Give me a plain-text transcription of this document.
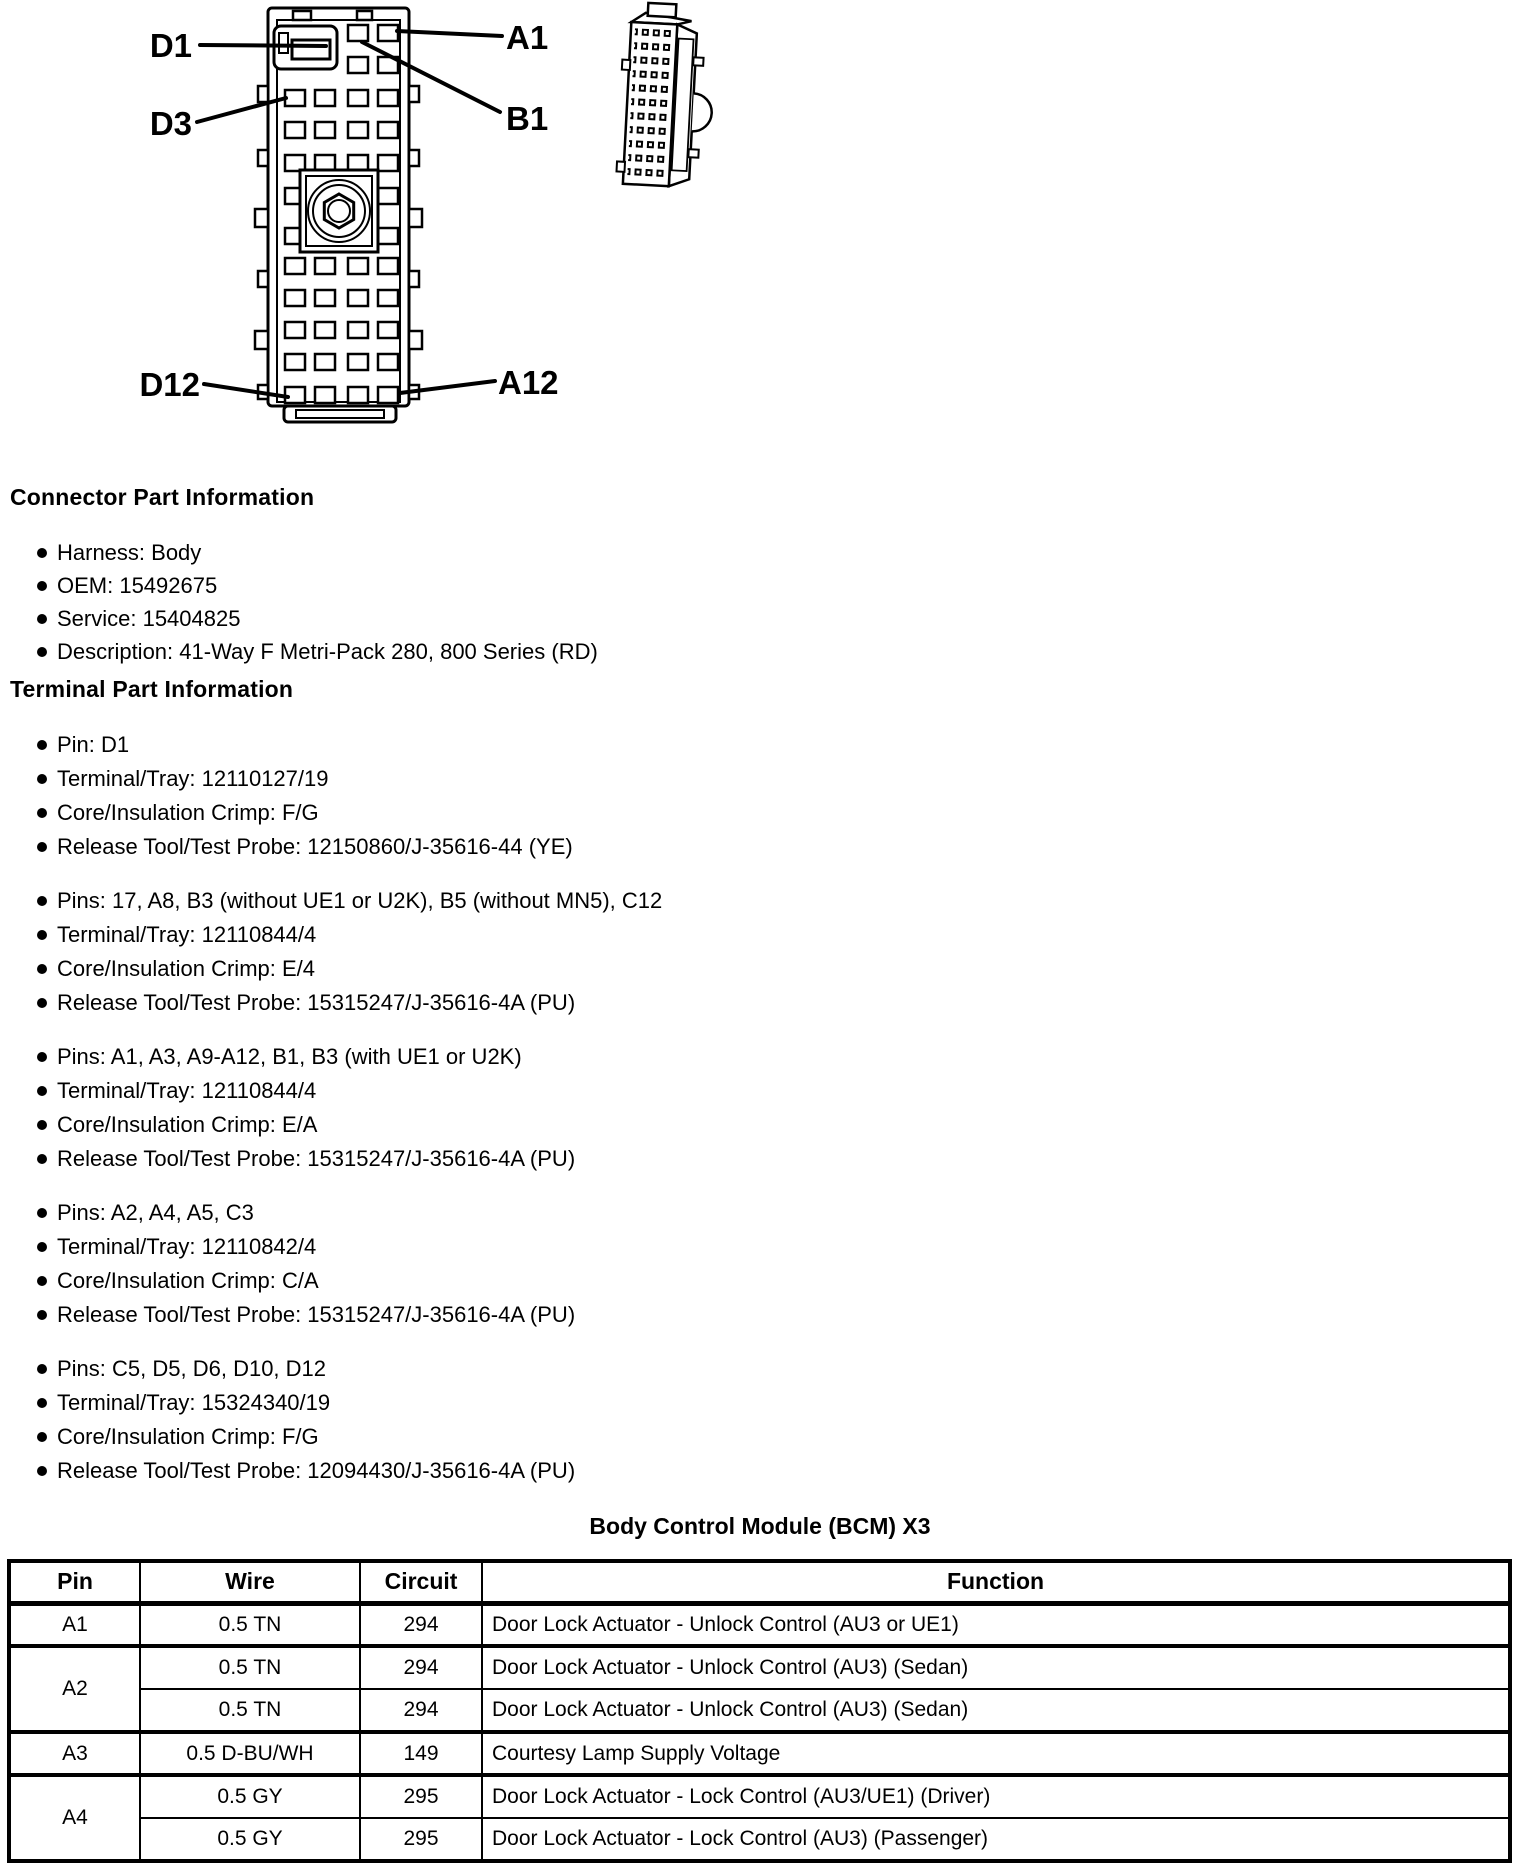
D1
D3
D12
A1
B1
A12
Connector Part Information
Harness: Body
OEM: 15492675
Service: 15404825
Description: 41-Way F Metri-Pack 280, 800 Series (RD)
Terminal Part Information
Pin: D1
Terminal/Tray: 12110127/19
Core/Insulation Crimp: F/G
Release Tool/Test Probe: 12150860/J-35616-44 (YE)
Pins: 17, A8, B3 (without UE1 or U2K), B5 (without MN5), C12
Terminal/Tray: 12110844/4
Core/Insulation Crimp: E/4
Release Tool/Test Probe: 15315247/J-35616-4A (PU)
Pins: A1, A3, A9-A12, B1, B3 (with UE1 or U2K)
Terminal/Tray: 12110844/4
Core/Insulation Crimp: E/A
Release Tool/Test Probe: 15315247/J-35616-4A (PU)
Pins: A2, A4, A5, C3
Terminal/Tray: 12110842/4
Core/Insulation Crimp: C/A
Release Tool/Test Probe: 15315247/J-35616-4A (PU)
Pins: C5, D5, D6, D10, D12
Terminal/Tray: 15324340/19
Core/Insulation Crimp: F/G
Release Tool/Test Probe: 12094430/J-35616-4A (PU)
Body Control Module (BCM) X3
Pin	Wire	Circuit	Function
A1	0.5 TN	294	Door Lock Actuator - Unlock Control (AU3 or UE1)
A2	0.5 TN	294	Door Lock Actuator - Unlock Control (AU3) (Sedan)
	0.5 TN	294	Door Lock Actuator - Unlock Control (AU3) (Sedan)
A3	0.5 D-BU/WH	149	Courtesy Lamp Supply Voltage
A4	0.5 GY	295	Door Lock Actuator - Lock Control (AU3/UE1) (Driver)
	0.5 GY	295	Door Lock Actuator - Lock Control (AU3) (Passenger)
